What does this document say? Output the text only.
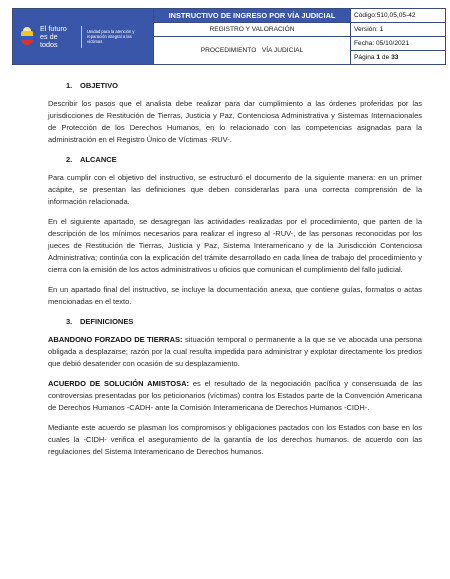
El futuro es de todos
Unidad para la atención y reparación integral a las víctimas	INSTRUCTIVO DE INGRESO POR VÍA JUDICIAL	Código:510,05,05-42
	REGISTRO Y VALORACIÓN	Versión: 1
	PROCEDIMIENTO   VÍA JUDICIAL	Fecha: 05/10/2021
		Página 1 de 33
1. OBJETIVO

Describir los pasos que el analista debe realizar para dar cumplimiento a las órdenes proferidas por las jurisdicciones de Restitución de Tierras, Justicia y Paz, Contenciosa Administrativa y Sistemas Internacionales de Protección de los Derechos Humanos, en lo relacionado con las competencias asignadas para la administración en el Registro Único de Víctimas -RUV-.

2. ALCANCE

Para cumplir con el objetivo del instructivo, se estructuró el documento de la siguiente manera: en un primer acápite, se presentan las definiciones que deben considerarlas para una correcta comprensión de la información relacionada.

En el siguiente apartado, se desagregan las actividades realizadas por el procedimiento, que parten de la descripción de los mínimos necesarios para realizar el ingreso al -RUV-, de las personas reconocidas por los jueces de Restitución de Tierras, Justicia y Paz, Sistema Interamericano y de la Jurisdicción Contenciosa Administrativa; continúa con la explicación del trámite desarrollado en cada línea de trabajo del procedimiento y cierra con la emisión de los actos administrativos u oficios que comunican el cumplimiento del fallo judicial.

En un apartado final del instructivo, se incluye la documentación anexa, que contiene guías, formatos o actas mencionadas en el texto.

3. DEFINICIONES

ABANDONO FORZADO DE TIERRAS: situación temporal o permanente a la que se ve abocada una persona obligada a desplazarse; razón por la cual resulta impedida para administrar y explotar directamente los predios que debió desatender con ocasión de su desplazamiento.

ACUERDO DE SOLUCIÓN AMISTOSA: es el resultado de la negociación pacífica y consensuada de las controversias presentadas por los peticionarios (víctimas) contra los Estados parte de la Convención Americana de Derechos Humanos -CADH- ante la Comisión Interamericana de Derechos Humanos -CIDH-.

Mediante este acuerdo se plasman los compromisos y obligaciones pactados con los Estados con base en los cuales la -CIDH- verifica el aseguramiento de la garantía de los derechos humanos. de acuerdo con las regulaciones del Sistema Interamericano de Derechos humanos.
